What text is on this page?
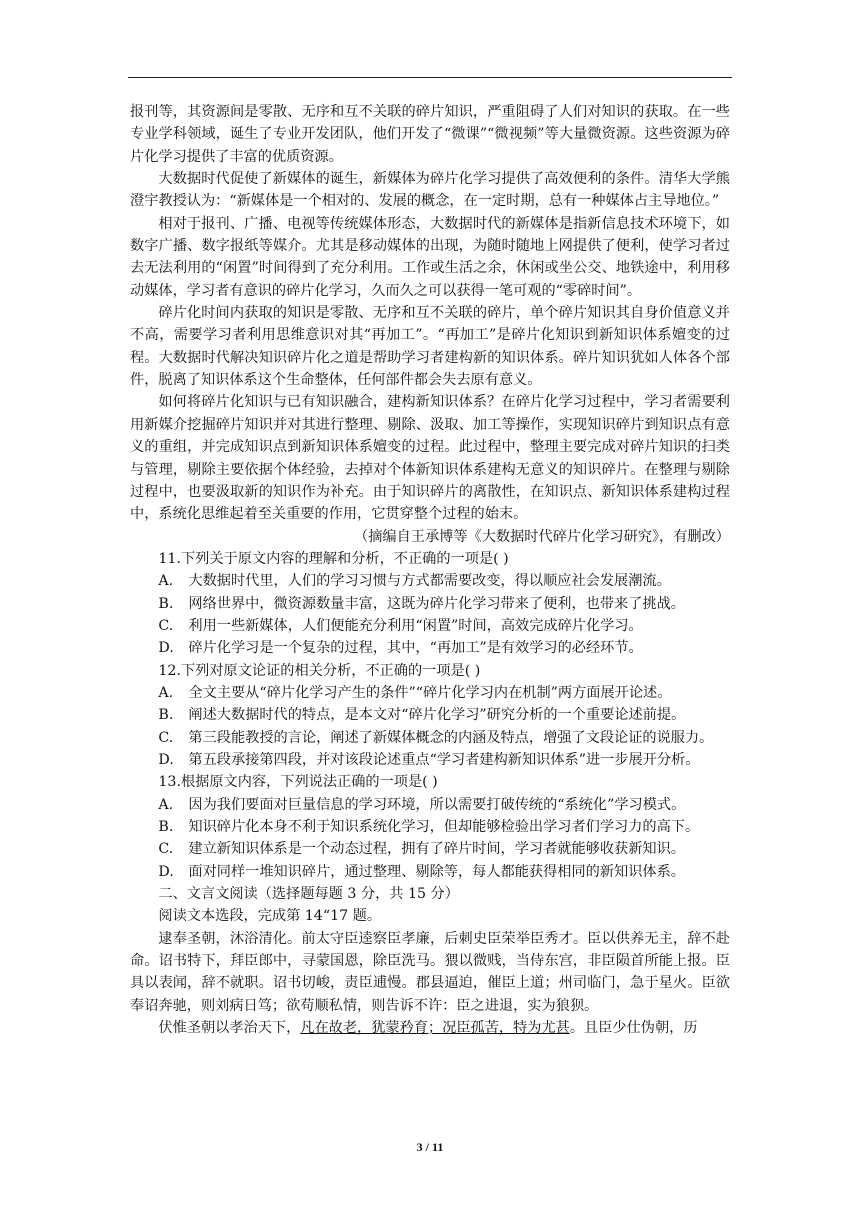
报刊等，其资源间是零散、无序和互不关联的碎片知识，严重阻碍了人们对知识的获取。在一些专业学科领域，诞生了专业开发团队，他们开发了“微课”“微视频”等大量微资源。这些资源为碎片化学习提供了丰富的优质资源。

大数据时代促使了新媒体的诞生，新媒体为碎片化学习提供了高效便利的条件。清华大学熊澄宇教授认为：“新媒体是一个相对的、发展的概念，在一定时期，总有一种媒体占主导地位。”

相对于报刊、广播、电视等传统媒体形态，大数据时代的新媒体是指新信息技术环境下，如数字广播、数字报纸等媒介。尤其是移动媒体的出现，为随时随地上网提供了便利，使学习者过去无法利用的“闲置”时间得到了充分利用。工作或生活之余，休闲或坐公交、地铁途中，利用移动媒体，学习者有意识的碎片化学习，久而久之可以获得一笔可观的“零碎时间”。

碎片化时间内获取的知识是零散、无序和互不关联的碎片，单个碎片知识其自身价值意义并不高，需要学习者利用思维意识对其“再加工”。“再加工”是碎片化知识到新知识体系嬗变的过程。大数据时代解决知识碎片化之道是帮助学习者建构新的知识体系。碎片知识犹如人体各个部件，脱离了知识体系这个生命整体，任何部件都会失去原有意义。

如何将碎片化知识与已有知识融合，建构新知识体系？在碎片化学习过程中，学习者需要利用新媒介挖掘碎片知识并对其进行整理、剔除、汲取、加工等操作，实现知识碎片到知识点有意义的重组，并完成知识点到新知识体系嬗变的过程。此过程中，整理主要完成对碎片知识的扫类与管理，剔除主要依据个体经验，去掉对个体新知识体系建构无意义的知识碎片。在整理与剔除过程中，也要汲取新的知识作为补充。由于知识碎片的离散性，在知识点、新知识体系建构过程中，系统化思维起着至关重要的作用，它贯穿整个过程的始末。

（摘编自王承博等《大数据时代碎片化学习研究》，有删改）

11.下列关于原文内容的理解和分析，不正确的一项是( )

A. 大数据时代里，人们的学习习惯与方式都需要改变，得以顺应社会发展潮流。

B. 网络世界中，微资源数量丰富，这既为碎片化学习带来了便利，也带来了挑战。

C. 利用一些新媒体，人们便能充分利用“闲置”时间，高效完成碎片化学习。

D. 碎片化学习是一个复杂的过程，其中，“再加工”是有效学习的必经环节。

12.下列对原文论证的相关分析，不正确的一项是( )

A. 全文主要从“碎片化学习产生的条件”“碎片化学习内在机制”两方面展开论述。

B. 阐述大数据时代的特点，是本文对“碎片化学习”研究分析的一个重要论述前提。

C. 第三段能教授的言论，阐述了新媒体概念的内涵及特点，增强了文段论证的说服力。

D. 第五段承接第四段，并对该段论述重点“学习者建构新知识体系”进一步展开分析。

13.根据原文内容，下列说法正确的一项是( )

A. 因为我们要面对巨量信息的学习环境，所以需要打破传统的“系统化”学习模式。

B. 知识碎片化本身不利于知识系统化学习，但却能够检验出学习者们学习力的高下。

C. 建立新知识体系是一个动态过程，拥有了碎片时间，学习者就能够收获新知识。

D. 面对同样一堆知识碎片，通过整理、剔除等，每人都能获得相同的新知识体系。

二、文言文阅读（选择题每题 3 分，共 15 分）

阅读文本选段，完成第 14“17 题。

逮奉圣朝，沐浴清化。前太守臣逵察臣孝廉，后刺史臣荣举臣秀才。臣以供养无主，辞不赴命。诏书特下，拜臣郎中，寻蒙国恩，除臣洗马。猥以微贱，当侍东宫，非臣陨首所能上报。臣具以表闻，辞不就职。诏书切峻，责臣逋慢。郡县逼迫，催臣上道；州司临门，急于星火。臣欲奉诏奔驰，则刘病日笃；欲苟顺私情，则告诉不许：臣之进退，实为狼狈。

伏惟圣朝以孝治天下，凡在故老，犹蒙矜育；况臣孤苦，特为尤甚。且臣少仕伪朝，历

3 / 11
